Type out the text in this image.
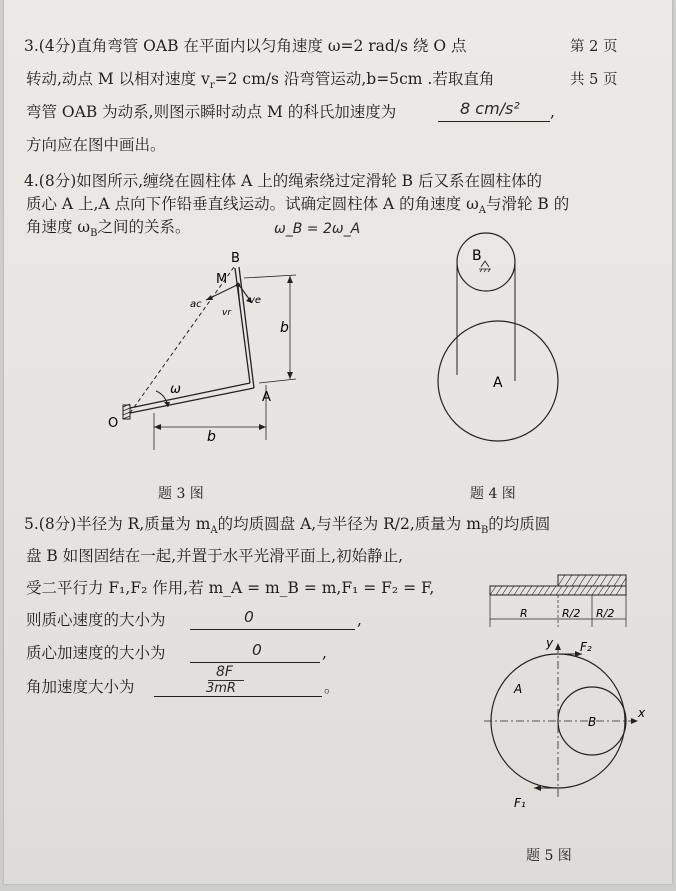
3.(4分)直角弯管 OAB 在平面内以匀角速度 ω=2 rad/s 绕 O 点
转动,动点 M 以相对速度 $v_r=2$ cm/s 沿弯管运动,b=5cm .若取直角
弯管 OAB 为动系,则图示瞬时动点 M 的科氏加速度为	8 cm/s² ,
方向应在图中画出。
第 2 页
共 5 页
4.(8分)如图所示,缠绕在圆柱体 A 上的绳索绕过定滑轮 B 后又系在圆柱体的
质心 A 上,A 点向下作铅垂直线运动。试确定圆柱体 A 的角速度 $\omega_A$与滑轮 B 的
角速度 $\omega_B$之间的关系。	ω_B = 2ω_A
B
M
O
A
b
b
ω
ve
ac
vr
题 3 图
B
A
题 4 图
5.(8分)半径为 R,质量为 $m_A$的均质圆盘 A,与半径为 R/2,质量为 $m_B$的均质圆
盘 B 如图固结在一起,并置于水平光滑平面上,初始静止,
受二平行力 F₁,F₂ 作用,若 m_A = m_B = m,F₁ = F₂ = F,
则质心速度的大小为	0	,
质心加速度的大小为	0	,
角加速度大小为
8F
3mR	。
R	R/2 R/2
y
x
F₂
F₁
A
B
题 5 图
